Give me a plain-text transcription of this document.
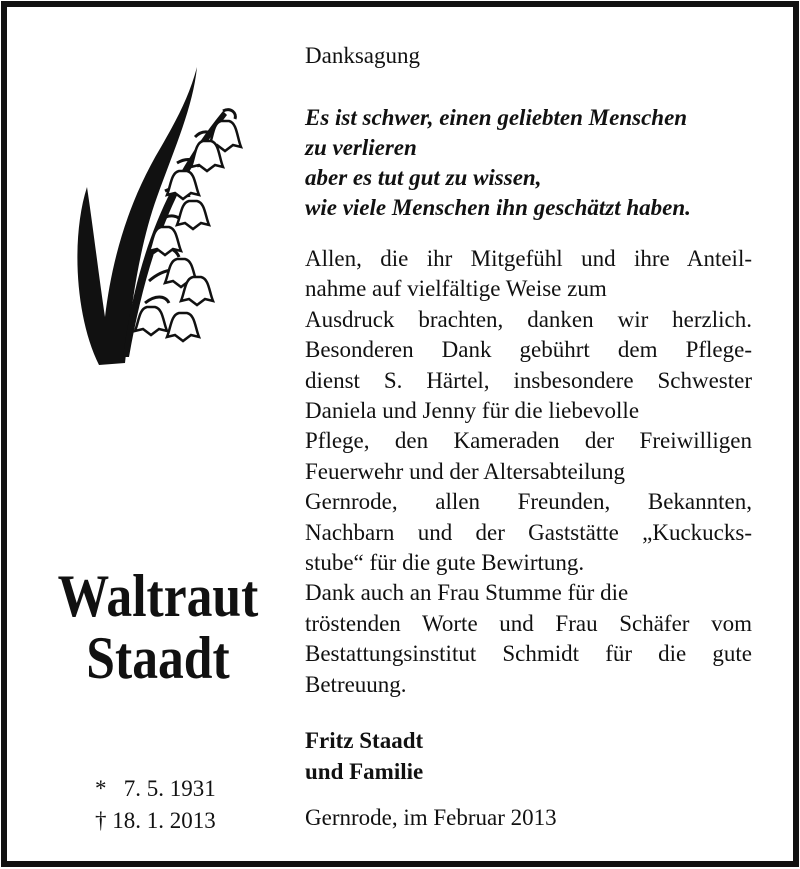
Danksagung
Es ist schwer, einen geliebten Menschen
zu verlieren
aber es tut gut zu wissen,
wie viele Menschen ihn geschätzt haben.
Allen, die ihr Mitgefühl und ihre Anteil-
nahme auf vielfältige Weise zum
Ausdruck brachten, danken wir herzlich.
Besonderen Dank gebührt dem Pflege-
dienst S. Härtel, insbesondere Schwester
Daniela und Jenny für die liebevolle
Pflege, den Kameraden der Freiwilligen
Feuerwehr und der Altersabteilung
Gernrode, allen Freunden, Bekannten,
Nachbarn und der Gaststätte „Kuckucks-
stube“ für die gute Bewirtung.
Dank auch an Frau Stumme für die
tröstenden Worte und Frau Schäfer vom
Bestattungsinstitut Schmidt für die gute
Betreuung.
Fritz Staadt
und Familie
Gernrode, im Februar 2013
Waltraut
Staadt
*   7. 5. 1931
† 18. 1. 2013
